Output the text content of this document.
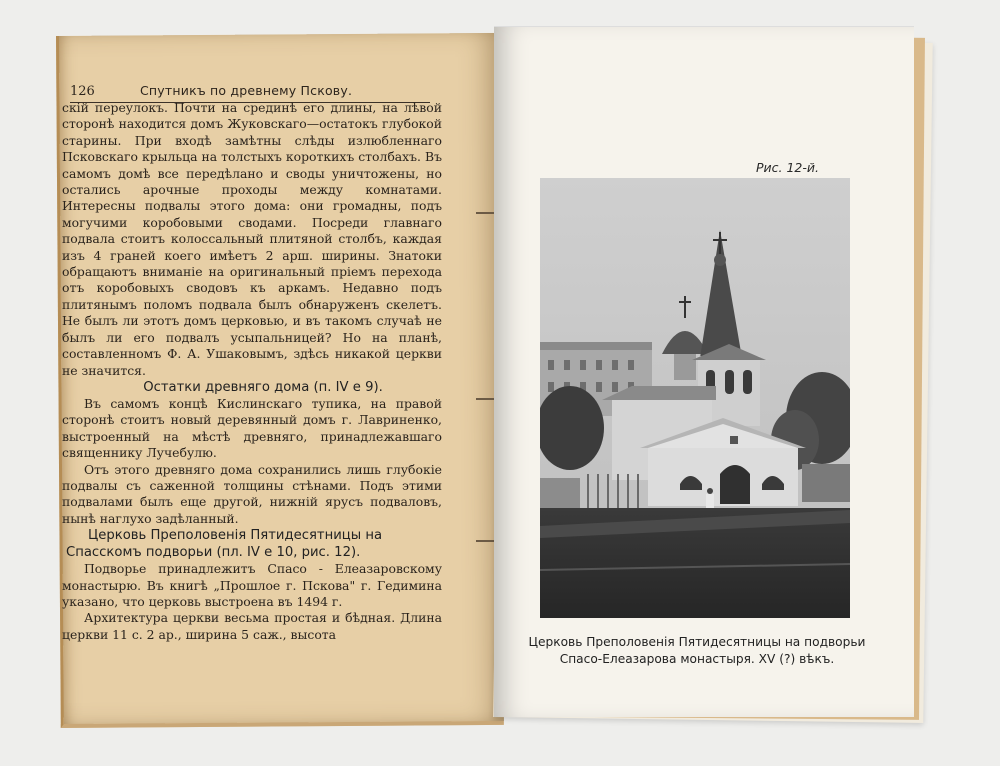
126	Спутникъ по древнему Пскову.

скій переулокъ. Почти на срединѣ его длины, на лѣвой сторонѣ находится домъ Жуковскаго—остатокъ глубокой старины. При входѣ замѣтны слѣды излюбленнаго Псковскаго крыльца на толстыхъ короткихъ столбахъ. Въ самомъ домѣ все передѣлано и своды уничтожены, но остались арочные проходы между комнатами. Интересны подвалы этого дома: они громадны, подъ могучими коробовыми сводами. Посреди главнаго подвала стоитъ колоссальный плитяной столбъ, каждая изъ 4 граней коего имѣетъ 2 арш. ширины. Знатоки обращаютъ вниманіе на оригинальный пріемъ перехода отъ коробовыхъ сводовъ къ аркамъ. Недавно подъ плитянымъ поломъ подвала былъ обнаруженъ скелетъ. Не былъ ли этотъ домъ церковью, и въ такомъ случаѣ не былъ ли его подвалъ усыпальницей? Но на планѣ, составленномъ Ф. А. Ушаковымъ, здѣсь никакой церкви не значится.

Остатки древняго дома (п. IV e 9).

Въ самомъ концѣ Кислинскаго тупика, на правой сторонѣ стоитъ новый деревянный домъ г. Лавриненко, выстроенный на мѣстѣ древняго, принадлежавшаго священнику Лучебулю.

Отъ этого древняго дома сохранились лишь глубокіе подвалы съ саженной толщины стѣнами. Подъ этими подвалами былъ еще другой, нижній ярусъ подваловъ, нынѣ наглухо задѣланный.

Церковь Преполовенія Пятидесятницы на Спасскомъ подворьи (пл. IV e 10, рис. 12).

Подворье принадлежитъ Спасо - Елеазаровскому монастырю. Въ книгѣ „Прошлое г. Пскова" г. Гедимина указано, что церковь выстроена въ 1494 г.

Архитектура церкви весьма простая и бѣдная. Длина церкви 11 с. 2 ар., ширина 5 саж., высота

Рис. 12-й.
Церковь Преполовенія Пятидесятницы на подворьи Спасо-Елеазарова монастыря. XV (?) вѣкъ.
